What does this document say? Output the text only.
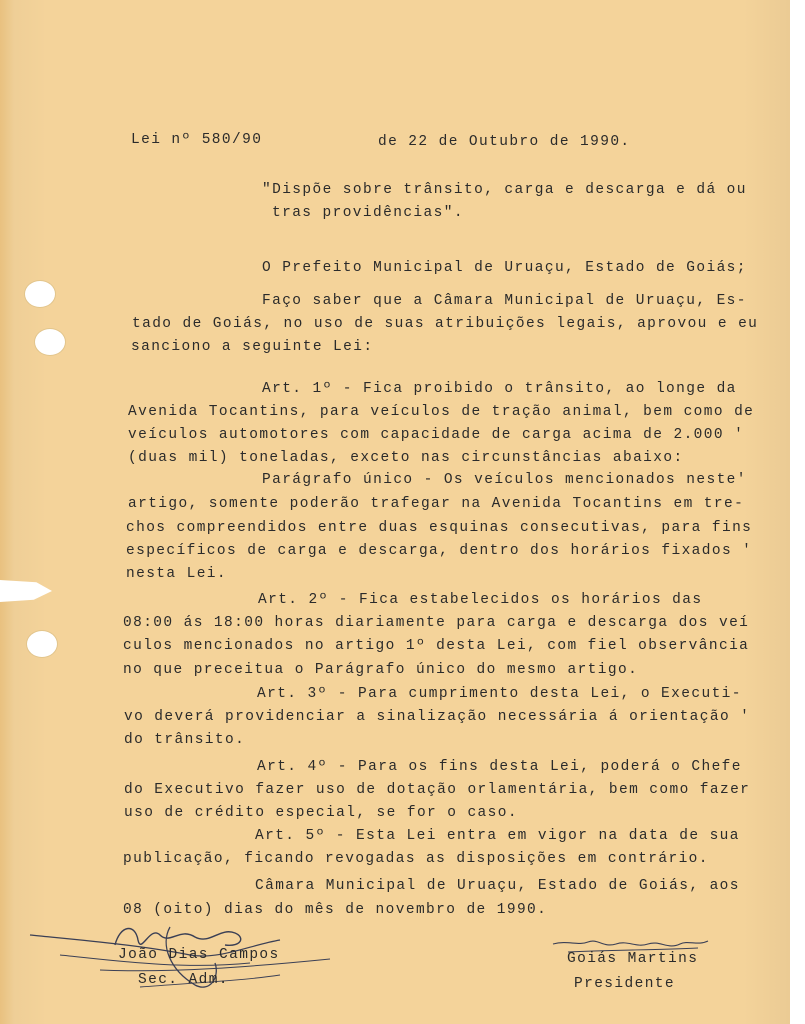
Lei nº 580/90	de 22 de Outubro de 1990.
"Dispõe sobre trânsito, carga e descarga e dá ou
tras providências".
O Prefeito Municipal de Uruaçu, Estado de Goiás;
Faço saber que a Câmara Municipal de Uruaçu, Es-
tado de Goiás, no uso de suas atribuições legais, aprovou e eu
sanciono a seguinte Lei:
Art. 1º - Fica proibido o trânsito, ao longe da
Avenida Tocantins, para veículos de tração animal, bem como de
veículos automotores com capacidade de carga acima de 2.000 '
(duas mil) toneladas, exceto nas circunstâncias abaixo:
Parágrafo único - Os veículos mencionados neste'
artigo, somente poderão trafegar na Avenida Tocantins em tre-
chos compreendidos entre duas esquinas consecutivas, para fins
específicos de carga e descarga, dentro dos horários fixados '
nesta Lei.
Art. 2º - Fica estabelecidos os horários das
08:00 ás 18:00 horas diariamente para carga e descarga dos veí
culos mencionados no artigo 1º desta Lei, com fiel observância
no que preceitua o Parágrafo único do mesmo artigo.
Art. 3º - Para cumprimento desta Lei, o Executi-
vo deverá providenciar a sinalização necessária á orientação '
do trânsito.
Art. 4º - Para os fins desta Lei, poderá o Chefe
do Executivo fazer uso de dotação orlamentária, bem como fazer
uso de crédito especial, se for o caso.
Art. 5º - Esta Lei entra em vigor na data de sua
publicação, ficando revogadas as disposições em contrário.
Câmara Municipal de Uruaçu, Estado de Goiás, aos
08 (oito) dias do mês de novembro de 1990.
João Dias Campos
Sec. Adm.
Goiás Martins
Presidente
